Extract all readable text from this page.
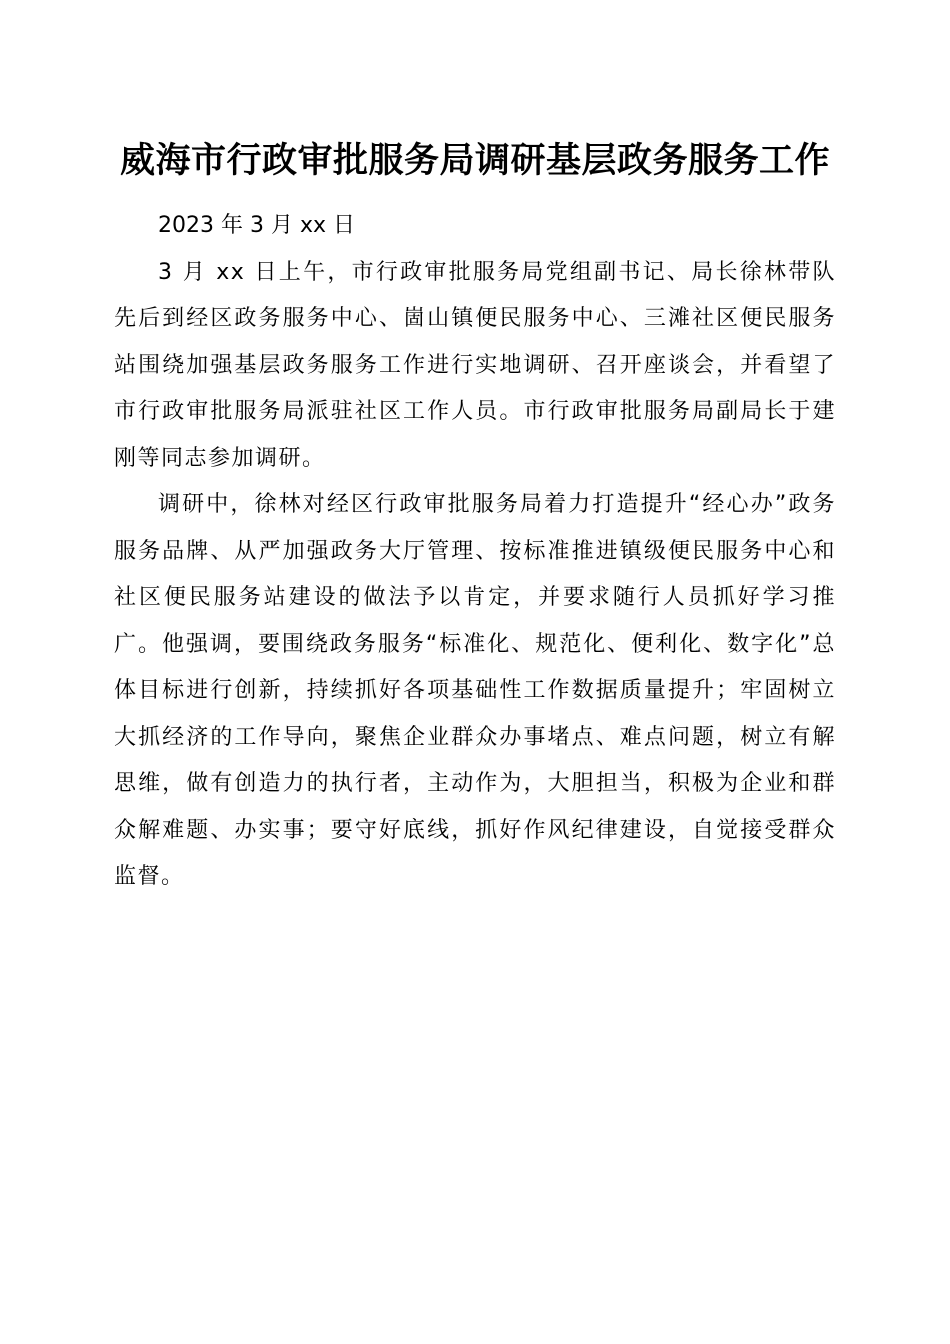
威海市行政审批服务局调研基层政务服务工作

2023 年 3 月 xx 日

3 月 xx 日上午，市行政审批服务局党组副书记、局长徐林带队先后到经区政务服务中心、崮山镇便民服务中心、三滩社区便民服务站围绕加强基层政务服务工作进行实地调研、召开座谈会，并看望了市行政审批服务局派驻社区工作人员。市行政审批服务局副局长于建刚等同志参加调研。

调研中，徐林对经区行政审批服务局着力打造提升“经心办”政务服务品牌、从严加强政务大厅管理、按标准推进镇级便民服务中心和社区便民服务站建设的做法予以肯定，并要求随行人员抓好学习推广。他强调，要围绕政务服务“标准化、规范化、便利化、数字化”总体目标进行创新，持续抓好各项基础性工作数据质量提升；牢固树立大抓经济的工作导向，聚焦企业群众办事堵点、难点问题，树立有解思维，做有创造力的执行者，主动作为，大胆担当，积极为企业和群众解难题、办实事；要守好底线，抓好作风纪律建设，自觉接受群众监督。
